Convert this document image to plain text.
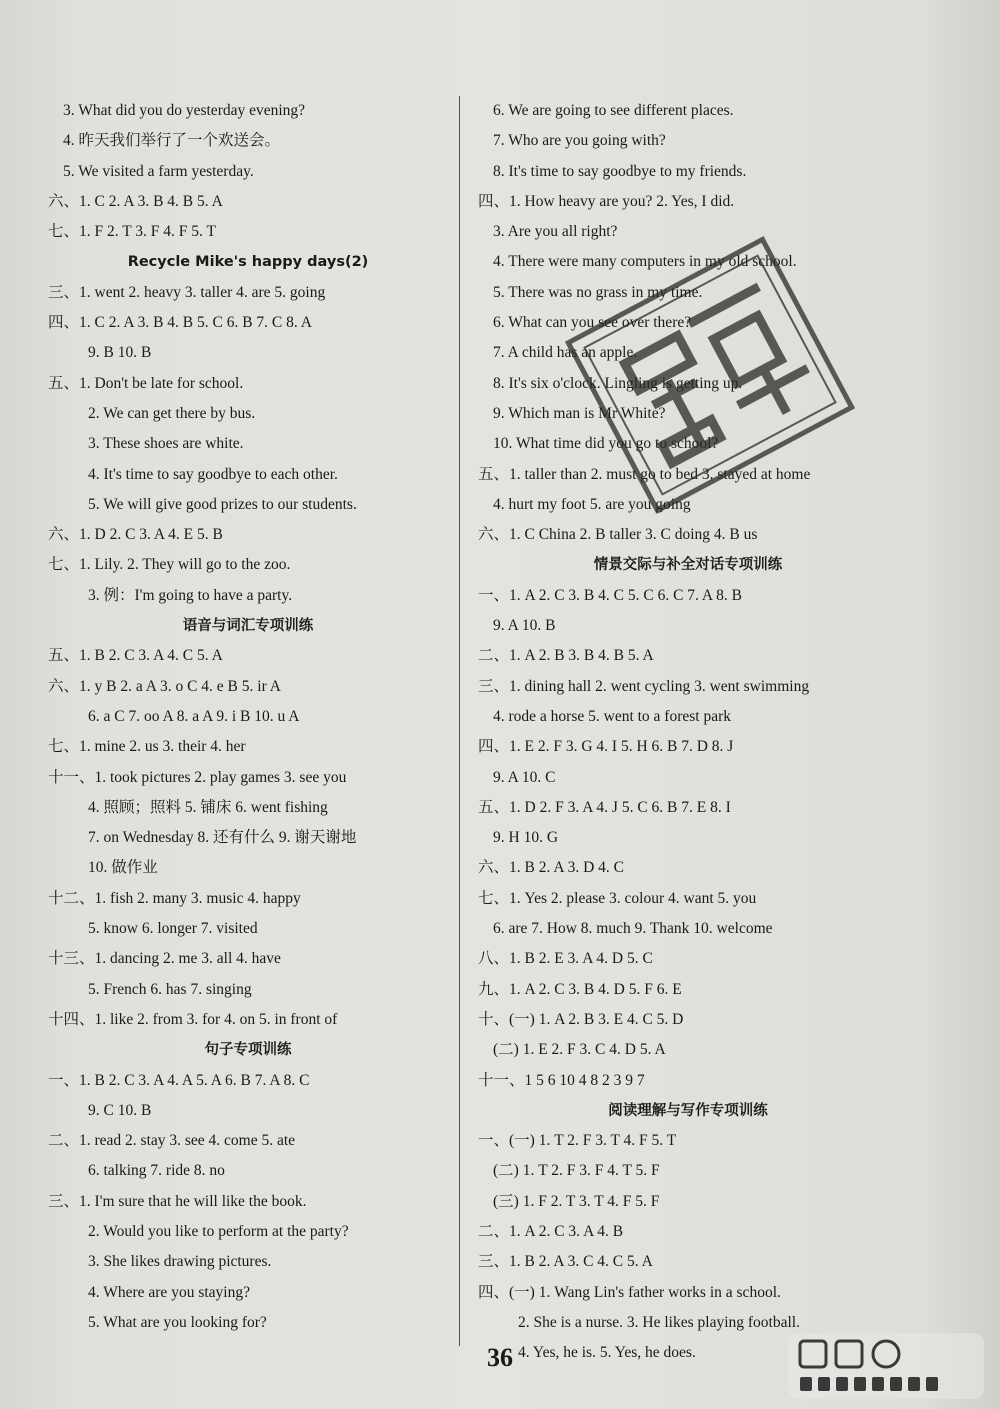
3. What did you do yesterday evening?
4. 昨天我们举行了一个欢送会。
5. We visited a farm yesterday.
六、1. C 2. A 3. B 4. B 5. A
七、1. F 2. T 3. F 4. F 5. T
Recycle Mike's happy days(2)
三、1. went 2. heavy 3. taller 4. are 5. going
四、1. C 2. A 3. B 4. B 5. C 6. B 7. C 8. A
9. B 10. B
五、1. Don't be late for school.
2. We can get there by bus.
3. These shoes are white.
4. It's time to say goodbye to each other.
5. We will give good prizes to our students.
六、1. D 2. C 3. A 4. E 5. B
七、1. Lily. 2. They will go to the zoo.
3. 例：I'm going to have a party.
语音与词汇专项训练
五、1. B 2. C 3. A 4. C 5. A
六、1. y B 2. a A 3. o C 4. e B 5. ir A
6. a C 7. oo A 8. a A 9. i B 10. u A
七、1. mine 2. us 3. their 4. her
十一、1. took pictures 2. play games 3. see you
4. 照顾；照料 5. 铺床 6. went fishing
7. on Wednesday 8. 还有什么 9. 谢天谢地
10. 做作业
十二、1. fish 2. many 3. music 4. happy
5. know 6. longer 7. visited
十三、1. dancing 2. me 3. all 4. have
5. French 6. has 7. singing
十四、1. like 2. from 3. for 4. on 5. in front of
句子专项训练
一、1. B 2. C 3. A 4. A 5. A 6. B 7. A 8. C
9. C 10. B
二、1. read 2. stay 3. see 4. come 5. ate
6. talking 7. ride 8. no
三、1. I'm sure that he will like the book.
2. Would you like to perform at the party?
3. She likes drawing pictures.
4. Where are you staying?
5. What are you looking for?
6. We are going to see different places.
7. Who are you going with?
8. It's time to say goodbye to my friends.
四、1. How heavy are you? 2. Yes, I did.
3. Are you all right?
4. There were many computers in my old school.
5. There was no grass in my time.
6. What can you see over there?
7. A child has an apple.
8. It's six o'clock. Lingling is getting up.
9. Which man is Mr White?
10. What time did you go to school?
五、1. taller than 2. must go to bed 3. stayed at home
4. hurt my foot 5. are you going
六、1. C China 2. B taller 3. C doing 4. B us
情景交际与补全对话专项训练
一、1. A 2. C 3. B 4. C 5. C 6. C 7. A 8. B
9. A 10. B
二、1. A 2. B 3. B 4. B 5. A
三、1. dining hall 2. went cycling 3. went swimming
4. rode a horse 5. went to a forest park
四、1. E 2. F 3. G 4. I 5. H 6. B 7. D 8. J
9. A 10. C
五、1. D 2. F 3. A 4. J 5. C 6. B 7. E 8. I
9. H 10. G
六、1. B 2. A 3. D 4. C
七、1. Yes 2. please 3. colour 4. want 5. you
6. are 7. How 8. much 9. Thank 10. welcome
八、1. B 2. E 3. A 4. D 5. C
九、1. A 2. C 3. B 4. D 5. F 6. E
十、(一) 1. A 2. B 3. E 4. C 5. D
(二) 1. E 2. F 3. C 4. D 5. A
十一、1 5 6 10 4 8 2 3 9 7
阅读理解与写作专项训练
一、(一) 1. T 2. F 3. T 4. F 5. T
(二) 1. T 2. F 3. F 4. T 5. F
(三) 1. F 2. T 3. T 4. F 5. F
二、1. A 2. C 3. A 4. B
三、1. B 2. A 3. C 4. C 5. A
四、(一) 1. Wang Lin's father works in a school.
2. She is a nurse. 3. He likes playing football.
4. Yes, he is. 5. Yes, he does.
36
